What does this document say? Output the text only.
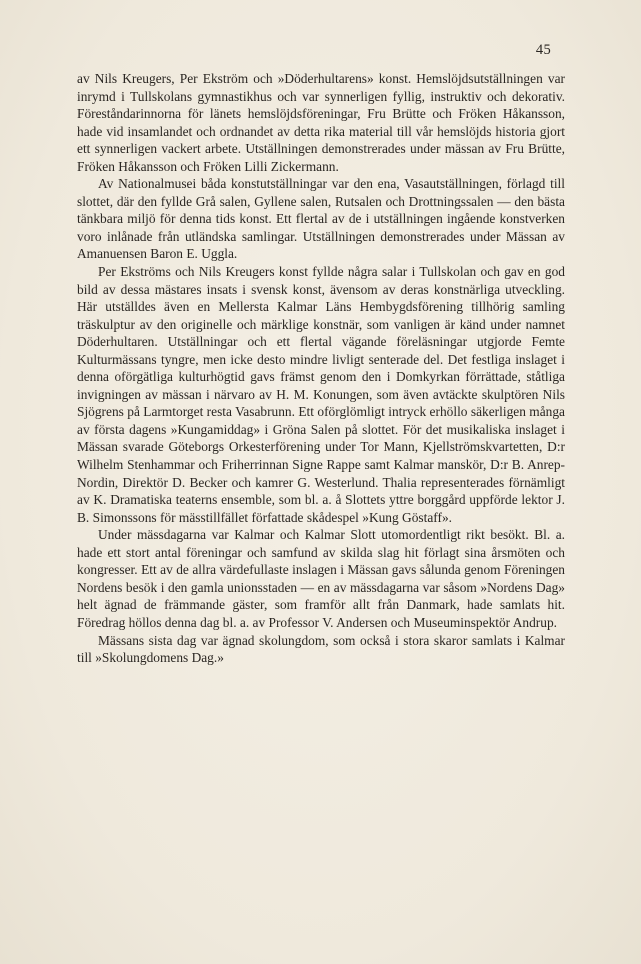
45

av Nils Kreugers, Per Ekström och »Döderhultarens» konst. Hemslöjdsutställningen var inrymd i Tullskolans gymnastikhus och var synnerligen fyllig, instruktiv och dekorativ. Föreståndarinnorna för länets hemslöjdsföreningar, Fru Brütte och Fröken Håkansson, hade vid insamlandet och ordnandet av detta rika material till vår hemslöjds historia gjort ett synnerligen vackert arbete. Utställningen demonstrerades under mässan av Fru Brütte, Fröken Håkansson och Fröken Lilli Zickermann.

Av Nationalmusei båda konstutställningar var den ena, Vasautställningen, förlagd till slottet, där den fyllde Grå salen, Gyllene salen, Rutsalen och Drottningssalen — den bästa tänkbara miljö för denna tids konst. Ett flertal av de i utställningen ingående konstverken voro inlånade från utländska samlingar. Utställningen demonstrerades under Mässan av Amanuensen Baron E. Uggla.

Per Ekströms och Nils Kreugers konst fyllde några salar i Tullskolan och gav en god bild av dessa mästares insats i svensk konst, ävensom av deras konstnärliga utveckling. Här utställdes även en Mellersta Kalmar Läns Hembygdsförening tillhörig samling träskulptur av den originelle och märklige konstnär, som vanligen är känd under namnet Döderhultaren. Utställningar och ett flertal vägande föreläsningar utgjorde Femte Kulturmässans tyngre, men icke desto mindre livligt senterade del. Det festliga inslaget i denna oförgätliga kulturhögtid gavs främst genom den i Domkyrkan förrättade, ståtliga invigningen av mässan i närvaro av H. M. Konungen, som även avtäckte skulptören Nils Sjögrens på Larmtorget resta Vasabrunn. Ett oförglömligt intryck erhöllo säkerligen många av första dagens »Kungamiddag» i Gröna Salen på slottet. För det musikaliska inslaget i Mässan svarade Göteborgs Orkesterförening under Tor Mann, Kjellströmskvartetten, D:r Wilhelm Stenhammar och Friherrinnan Signe Rappe samt Kalmar manskör, D:r B. Anrep-Nordin, Direktör D. Becker och kamrer G. Westerlund. Thalia representerades förnämligt av K. Dramatiska teaterns ensemble, som bl. a. å Slottets yttre borggård uppförde lektor J. B. Simonssons för mässtillfället författade skådespel »Kung Göstaff».

Under mässdagarna var Kalmar och Kalmar Slott utomordentligt rikt besökt. Bl. a. hade ett stort antal föreningar och samfund av skilda slag hit förlagt sina årsmöten och kongresser. Ett av de allra värdefullaste inslagen i Mässan gavs sålunda genom Föreningen Nordens besök i den gamla unionsstaden — en av mässdagarna var såsom »Nordens Dag» helt ägnad de främmande gäster, som framför allt från Danmark, hade samlats hit. Föredrag höllos denna dag bl. a. av Professor V. Andersen och Museuminspektör Andrup.

Mässans sista dag var ägnad skolungdom, som också i stora skaror samlats i Kalmar till »Skolungdomens Dag.»
